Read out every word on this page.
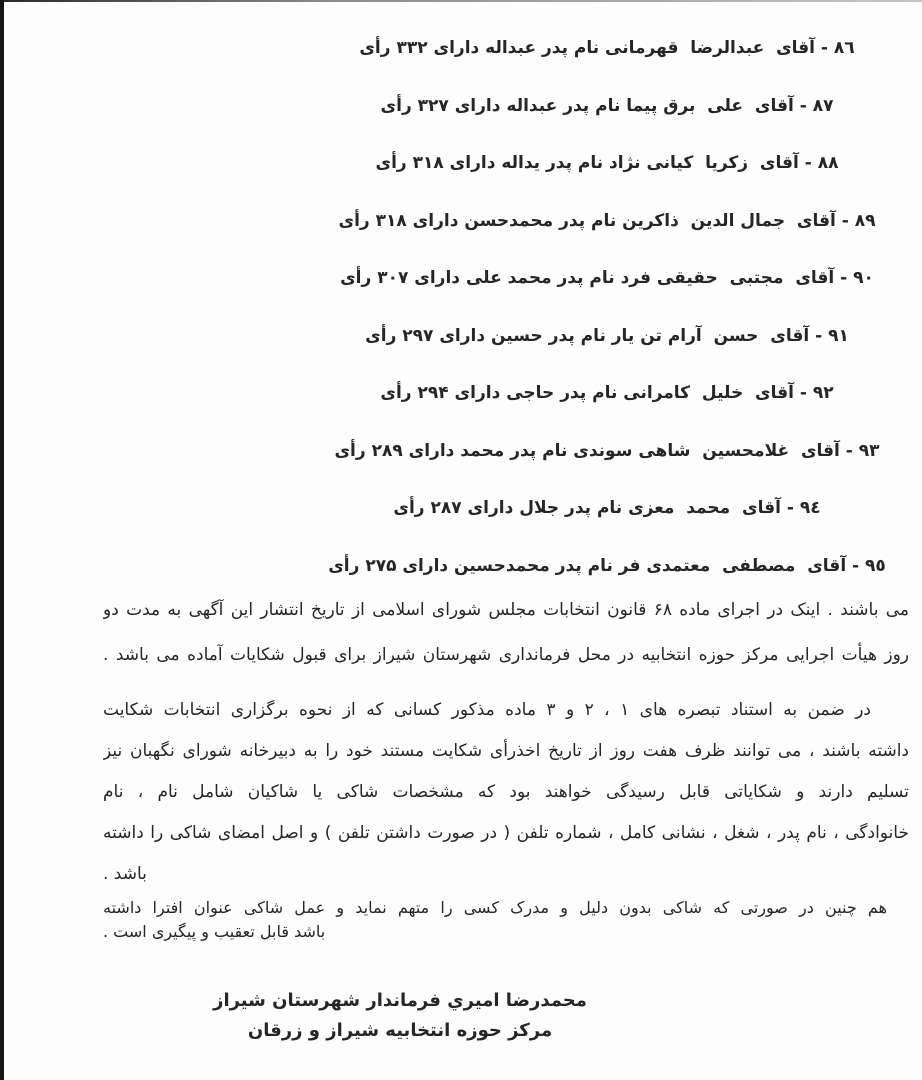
٨٦ - آقای  عبدالرضا  قهرمانی نام پدر عبداله دارای ۳۳۲ رأی
٨٧ - آقای  علی  برق پیما نام پدر عبداله دارای ۳۲۷ رأی
٨٨ - آقای  زکریا  کیانی نژاد نام پدر یداله دارای ۳۱۸ رأی
٨٩ - آقای  جمال الدین  ذاکرین نام پدر محمدحسن دارای ۳۱۸ رأی
٩٠ - آقای  مجتبی  حقیقی فرد نام پدر محمد علی دارای ۳۰۷ رأی
٩١ - آقای  حسن  آرام تن یار نام پدر حسین دارای ۲۹۷ رأی
٩٢ - آقای  خلیل  کامرانی نام پدر حاجی دارای ۲۹۴ رأی
٩٣ - آقای  غلامحسین  شاهی سوندی نام پدر محمد دارای ۲۸۹ رأی
٩٤ - آقای  محمد  معزی نام پدر جلال دارای ۲۸۷ رأی
٩٥ - آقای  مصطفی  معتمدی فر نام پدر محمدحسین دارای ۲۷۵ رأی
می باشند . اینک در اجرای ماده ۶۸ قانون انتخابات مجلس شورای اسلامی از تاریخ انتشار این آگهی به مدت دو
روز هیأت اجرایی مرکز حوزه انتخابیه در محل فرمانداری شهرستان شیراز برای قبول شکایات آماده می باشد .
در ضمن به استناد تبصره های ۱ ، ۲ و ۳ ماده مذکور کسانی که از نحوه برگزاری انتخابات شکایت
داشته باشند ، می توانند ظرف هفت روز از تاریخ اخذرأی شکایت مستند خود را به دبیرخانه شورای نگهبان نیز
تسلیم دارند و شکایاتی قابل رسیدگی خواهند بود که مشخصات شاکی یا شاکیان شامل نام ، نام
خانوادگی ، نام پدر ، شغل ، نشانی کامل ، شماره تلفن ( در صورت داشتن تلفن ) و اصل امضای شاکی را داشته
باشد .
هم چنین در صورتی که شاکی بدون دلیل و مدرک کسی را متهم نماید و عمل شاکی عنوان افترا داشته
باشد قابل تعقیب و پیگیری است .
محمدرضا اميري فرماندار شهرستان شیراز
مرکز حوزه انتخابیه شیراز و زرقان
